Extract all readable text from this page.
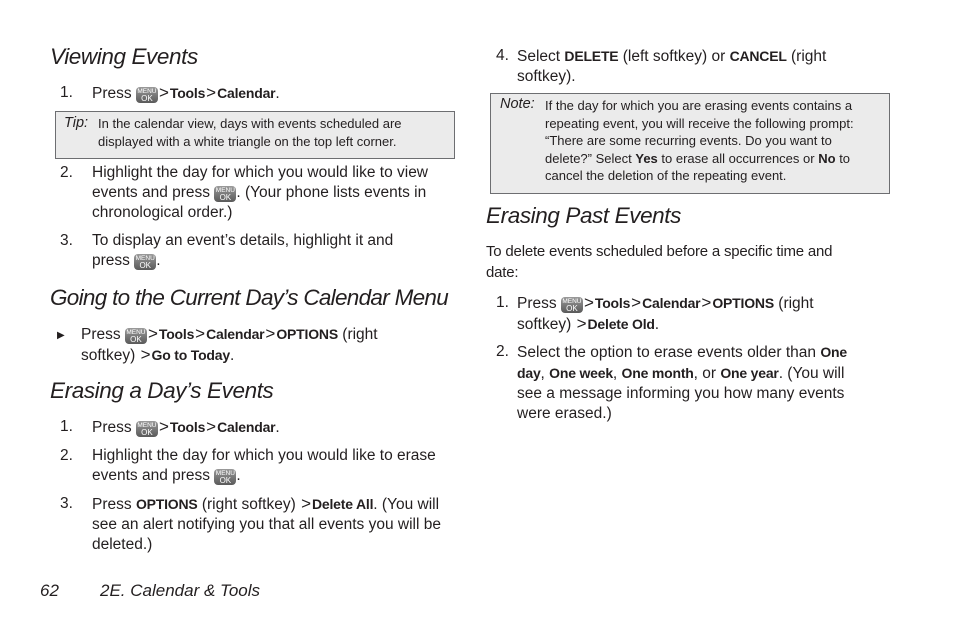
Viewing Events
1.	Press MENU
OK >Tools>Calendar.
Tip: In the calendar view, days with events scheduled are
displayed with a white triangle on the top left corner.
2.	Highlight the day for which you would like to view
events and press MENU
OK . (Your phone lists events in
chronological order.)
3.	To display an event’s details, highlight it and
press MENU
OK .
Going to the Current Day’s Calendar Menu
▶ Press MENU
OK >Tools>Calendar>OPTIONS (right
softkey) >Go to Today.
Erasing a Day’s Events
1.	Press MENU
OK >Tools>Calendar.
2.	Highlight the day for which you would like to erase
events and press MENU
OK .
3.	Press OPTIONS (right softkey) >Delete All. (You will
see an alert notifying you that all events you will be
deleted.)
4. Select DELETE (left softkey) or CANCEL (right
softkey).
Note: If the day for which you are erasing events contains a
repeating event, you will receive the following prompt:
“There are some recurring events. Do you want to
delete?” Select Yes to erase all occurrences or No to
cancel the deletion of the repeating event.
Erasing Past Events
To delete events scheduled before a specific time and
date:
1. Press MENU
OK >Tools>Calendar>OPTIONS (right
softkey) >Delete Old.
2. Select the option to erase events older than One
day, One week, One month, or One year. (You will
see a message informing you how many events
were erased.)
62 2E. Calendar & Tools
